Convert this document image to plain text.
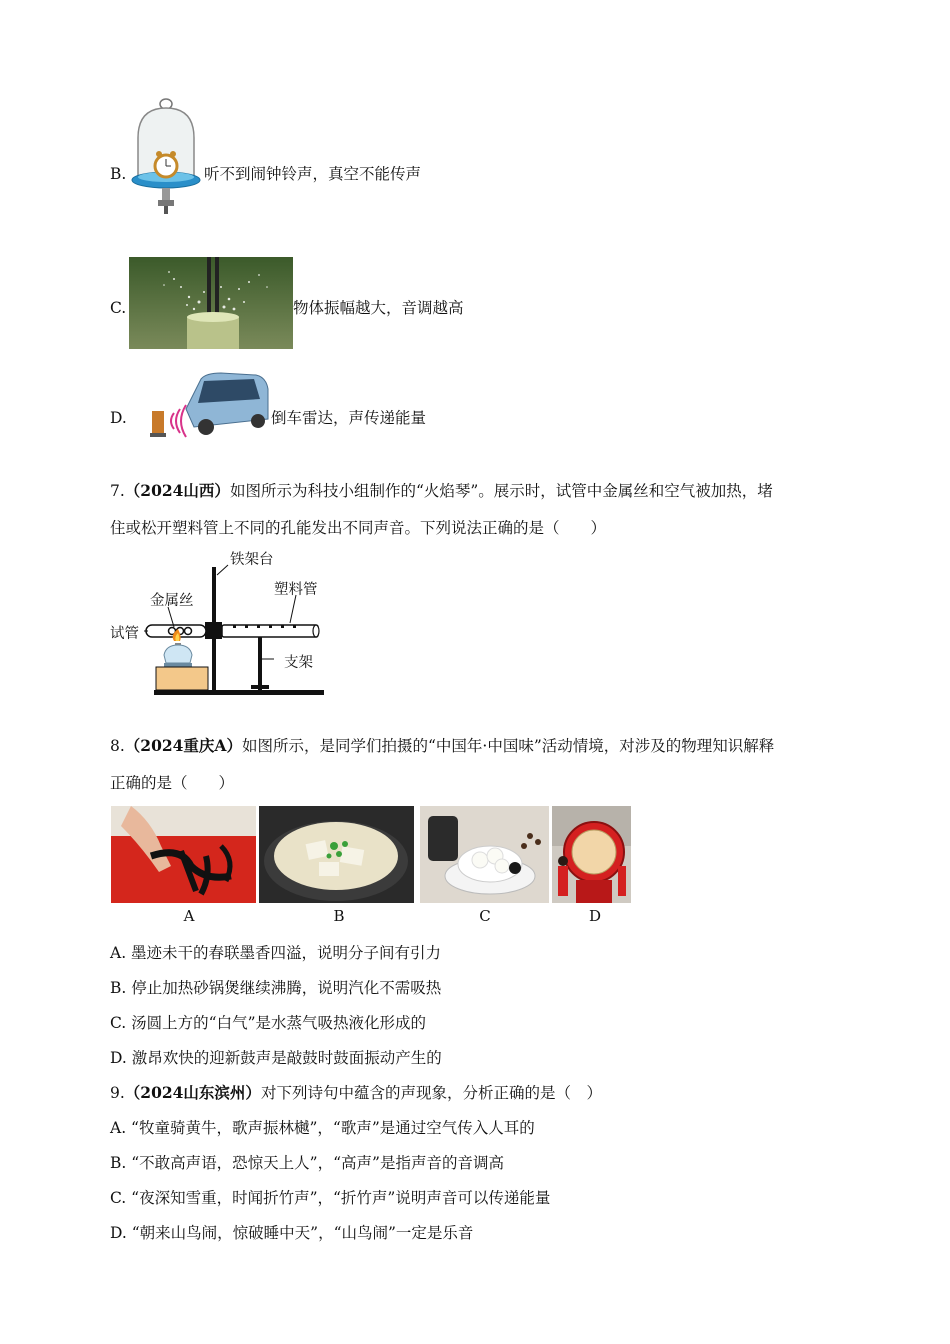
B.	听不到闹钟铃声，真空不能传声
C.	物体振幅越大，音调越高
D.	倒车雷达，声传递能量
7.（2024山西）如图所示为科技小组制作的“火焰琴”。展示时，试管中金属丝和空气被加热，堵
住或松开塑料管上不同的孔能发出不同声音。下列说法正确的是（　　）
铁架台
塑料管
金属丝
试管
支架
8.（2024重庆A）如图所示，是同学们拍摄的“中国年·中国味”活动情境，对涉及的物理知识解释
正确的是（　　）
A	B	C	D
A. 墨迹未干的春联墨香四溢，说明分子间有引力
B. 停止加热砂锅煲继续沸腾，说明汽化不需吸热
C. 汤圆上方的“白气”是水蒸气吸热液化形成的
D. 激昂欢快的迎新鼓声是敲鼓时鼓面振动产生的
9.（2024山东滨州）对下列诗句中蕴含的声现象，分析正确的是（　）
A. “牧童骑黄牛，歌声振林樾”，“歌声”是通过空气传入人耳的
B. “不敢高声语，恐惊天上人”，“高声”是指声音的音调高
C. “夜深知雪重，时闻折竹声”，“折竹声”说明声音可以传递能量
D. “朝来山鸟闹，惊破睡中天”，“山鸟闹”一定是乐音
